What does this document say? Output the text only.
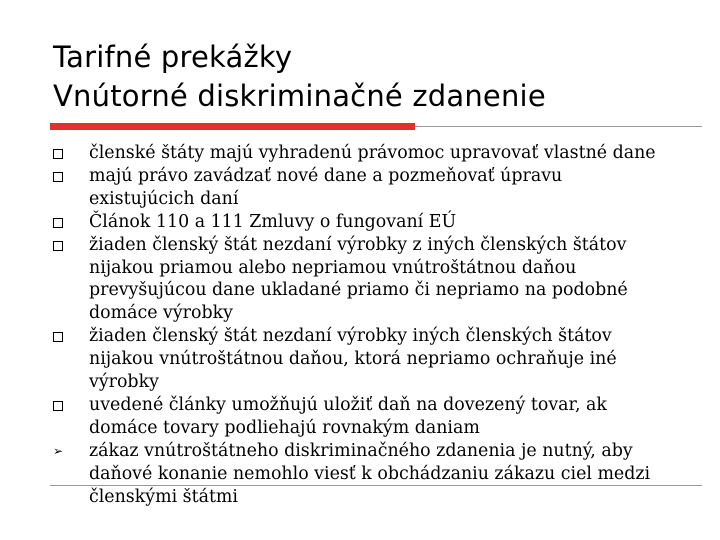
Tarifné prekážky
Vnútorné diskriminačné zdanenie
členské štáty majú vyhradenú právomoc upravovať vlastné dane
majú právo zavádzať nové dane a pozmeňovať úpravu existujúcich daní
Článok 110 a 111 Zmluvy o fungovaní EÚ
žiaden členský štát nezdaní výrobky z iných členských štátov nijakou priamou alebo nepriamou vnútroštátnou daňou prevyšujúcou dane ukladané priamo či nepriamo na podobné domáce výrobky
žiaden členský štát nezdaní výrobky iných členských štátov nijakou vnútroštátnou daňou, ktorá nepriamo ochraňuje iné výrobky
uvedené články umožňujú uložiť daň na dovezený tovar, ak domáce tovary podliehajú rovnakým daniam
➢ zákaz vnútroštátneho diskriminačného zdanenia je nutný, aby daňové konanie nemohlo viesť k obchádzaniu zákazu ciel medzi členskými štátmi
